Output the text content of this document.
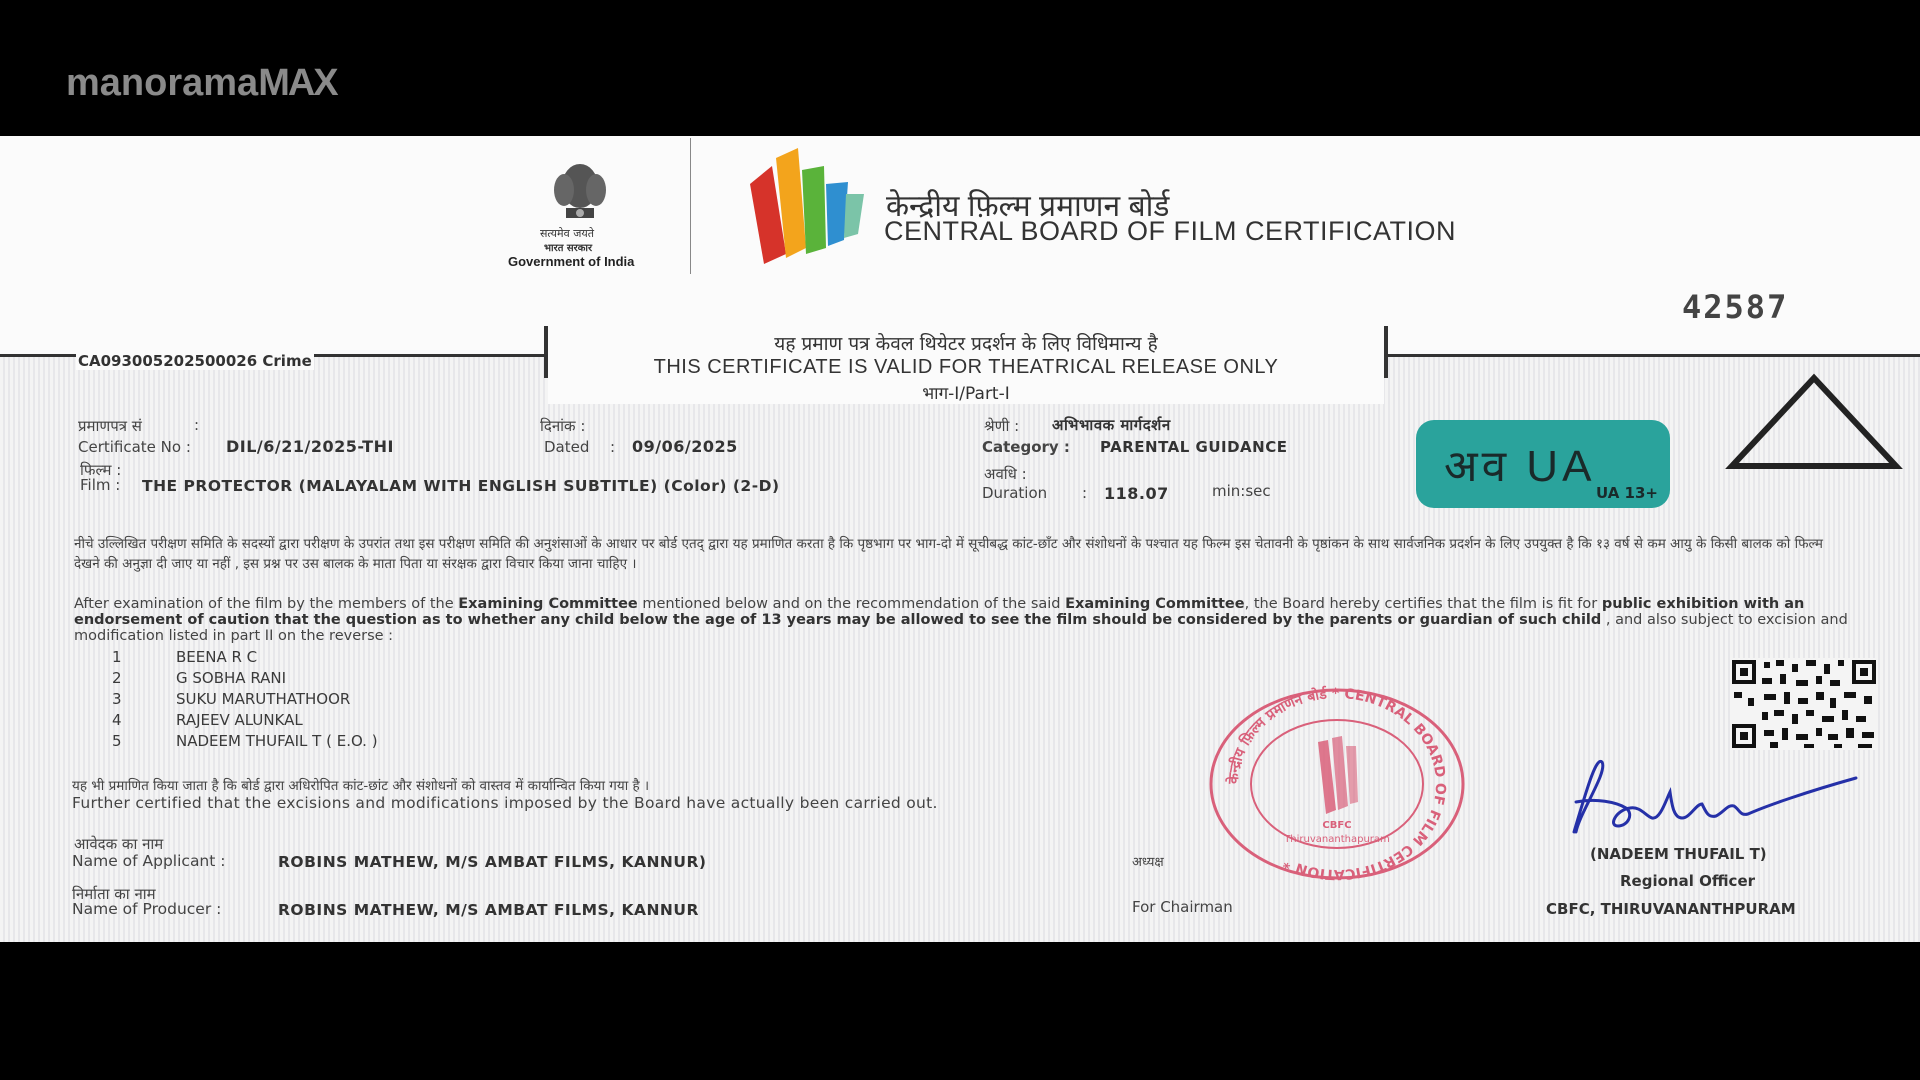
manoramaMAX
सत्यमेव जयते
भारत सरकार
Government of India
केन्द्रीय फ़िल्म प्रमाणन बोर्ड
CENTRAL BOARD OF FILM CERTIFICATION
42587
CA093005202500026 Crime
यह प्रमाण पत्र केवल थियेटर प्रदर्शन के लिए विधिमान्य है
THIS CERTIFICATE IS VALID FOR THEATRICAL RELEASE ONLY
भाग-I/Part-I
प्रमाणपत्र सं	:
Certificate No : DIL/6/21/2025-THI
दिनांक :
Dated : 09/06/2025
श्रेणी : अभिभावक मार्गदर्शन
Category : PARENTAL GUIDANCE
फिल्म :
Film : THE PROTECTOR (MALAYALAM WITH ENGLISH SUBTITLE) (Color) (2-D)
अवधि :
Duration : 118.07	min:sec	अव UA
UA 13+
नीचे उल्लिखित परीक्षण समिति के सदस्यों द्वारा परीक्षण के उपरांत तथा इस परीक्षण समिति की अनुशंसाओं के आधार पर बोर्ड एतद् द्वारा यह प्रमाणित करता है कि पृष्ठभाग पर भाग-दो में सूचीबद्ध कांट-छाँट और संशोधनों के पश्चात यह फिल्म इस चेतावनी के पृष्ठांकन के साथ सार्वजनिक प्रदर्शन के लिए उपयुक्त है कि १३ वर्ष से कम आयु के किसी बालक को फिल्म देखने की अनुज्ञा दी जाए या नहीं , इस प्रश्न पर उस बालक के माता पिता या संरक्षक द्वारा विचार किया जाना चाहिए ।
After examination of the film by the members of the Examining Committee mentioned below and on the recommendation of the said Examining Committee, the Board hereby certifies that the film is fit for public exhibition with an endorsement of caution that the question as to whether any child below the age of 13 years may be allowed to see the film should be considered by the parents or guardian of such child , and also subject to excision and modification listed in part II on the reverse :
1	BEENA R C
2	G SOBHA RANI
3	SUKU MARUTHATHOOR
4	RAJEEV ALUNKAL
5	NADEEM THUFAIL T ( E.O. )
यह भी प्रमाणित किया जाता है कि बोर्ड द्वारा अधिरोपित कांट-छांट और संशोधनों को वास्तव में कार्यान्वित किया गया है ।
Further certified that the excisions and modifications imposed by the Board have actually been carried out.
आवेदक का नाम
Name of Applicant :	ROBINS MATHEW, M/S AMBAT FILMS, KANNUR)
निर्माता का नाम
Name of Producer :	ROBINS MATHEW, M/S AMBAT FILMS, KANNUR
अध्यक्ष
For Chairman
केन्द्रीय फ़िल्म प्रमाणन बोर्ड * CENTRAL BOARD OF FILM CERTIFICATION *
CBFC
Thiruvananthapuram
(NADEEM THUFAIL T)
Regional Officer
CBFC, THIRUVANANTHPURAM
